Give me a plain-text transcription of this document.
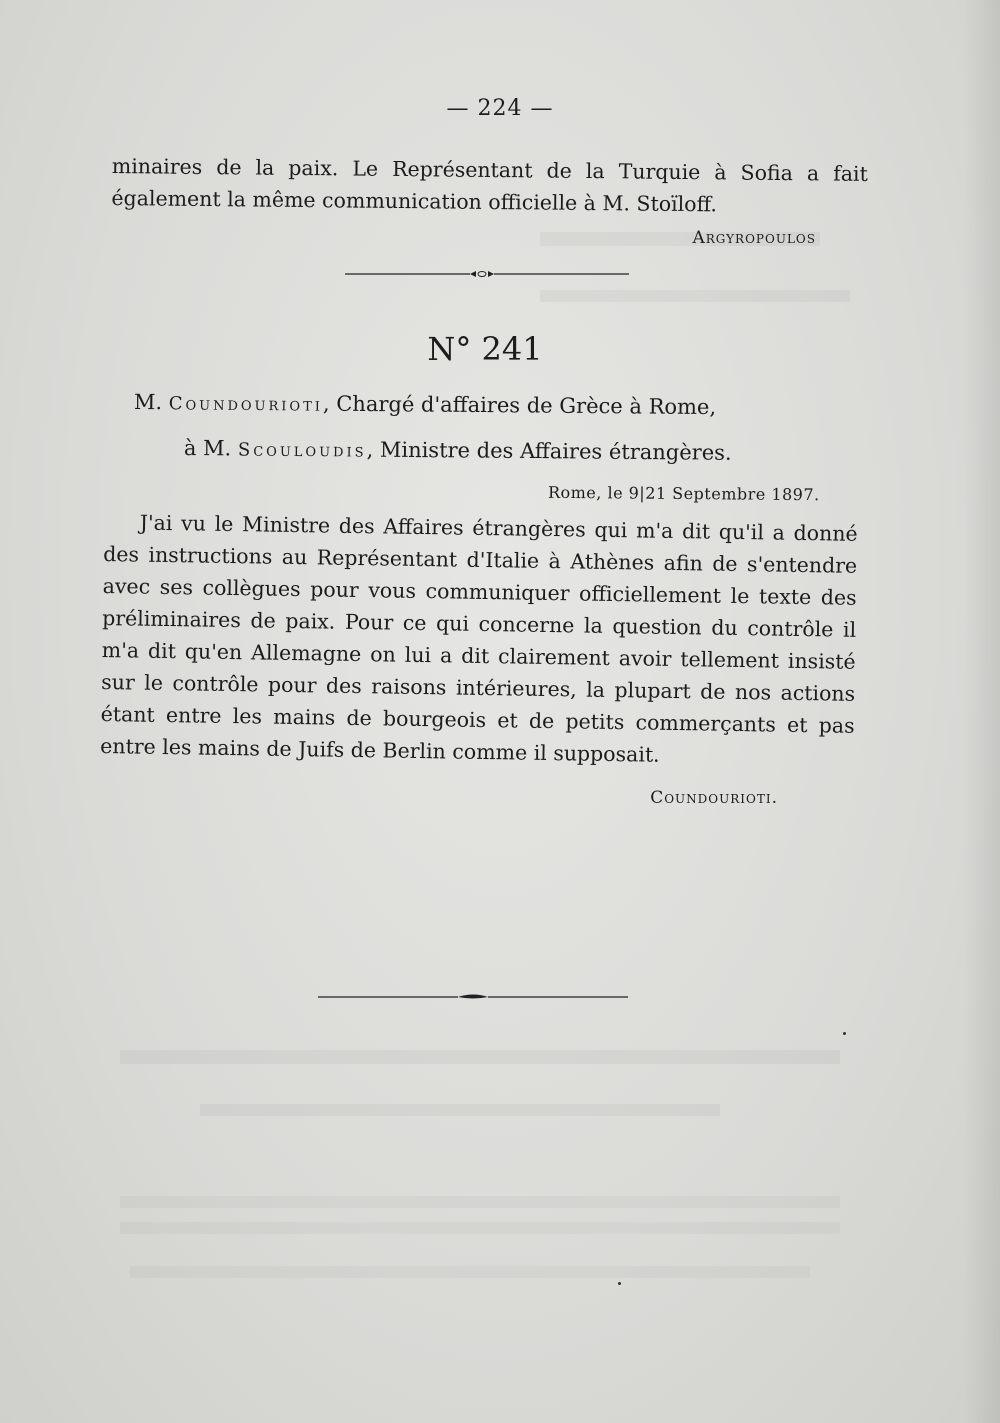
— 224 —
minaires de la paix. Le Représentant de la Turquie à Sofia a fait également la même communication officielle à M. Stoïloff.
Argyropoulos
N° 241
M. Coundourioti, Chargé d'affaires de Grèce à Rome,
à M. Scouloudis, Ministre des Affaires étrangères.
Rome, le 9|21 Septembre 1897.
J'ai vu le Ministre des Affaires étrangères qui m'a dit qu'il a donné des instructions au Représentant d'Italie à Athènes afin de s'entendre avec ses collègues pour vous communiquer officiellement le texte des préliminaires de paix. Pour ce qui concerne la question du contrôle il m'a dit qu'en Allemagne on lui a dit clairement avoir tellement insisté sur le contrôle pour des raisons intérieures, la plupart de nos actions étant entre les mains de bourgeois et de petits commerçants et pas entre les mains de Juifs de Berlin comme il supposait.
Coundourioti.
